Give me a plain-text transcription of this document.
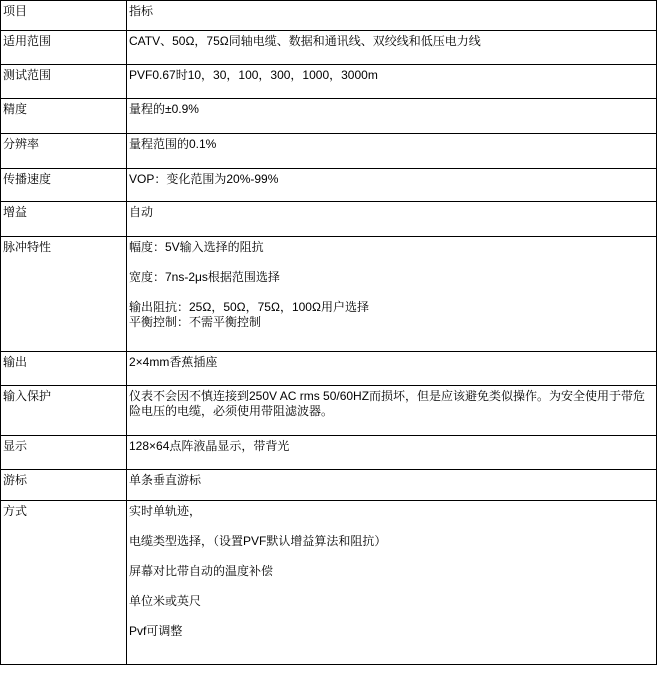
项目	指标
适用范围	CATV、50Ω，75Ω同轴电缆、数据和通讯线、双绞线和低压电力线

测试范围	PVF0.67时10，30，100，300，1000，3000m

精度	量程的±0.9%

分辨率	量程范围的0.1%

传播速度	VOP：变化范围为20%-99%

增益	自动

脉冲特性	幅度：5V输入选择的阻抗

宽度：7ns-2μs根据范围选择

输出阻抗：25Ω，50Ω，75Ω，100Ω用户选择

平衡控制：不需平衡控制

输出	2×4mm香蕉插座

输入保护	仪表不会因不慎连接到250V AC rms 50/60HZ而损坏，但是应该避免类似操作。为安全使用于带危险电压的电缆，必须使用带阻滤波器。

显示	128×64点阵液晶显示，带背光

游标	单条垂直游标

方式	实时单轨迹，

电缆类型选择，（设置PVF默认增益算法和阻抗）

屏幕对比带自动的温度补偿

单位米或英尺

Pvf可调整
